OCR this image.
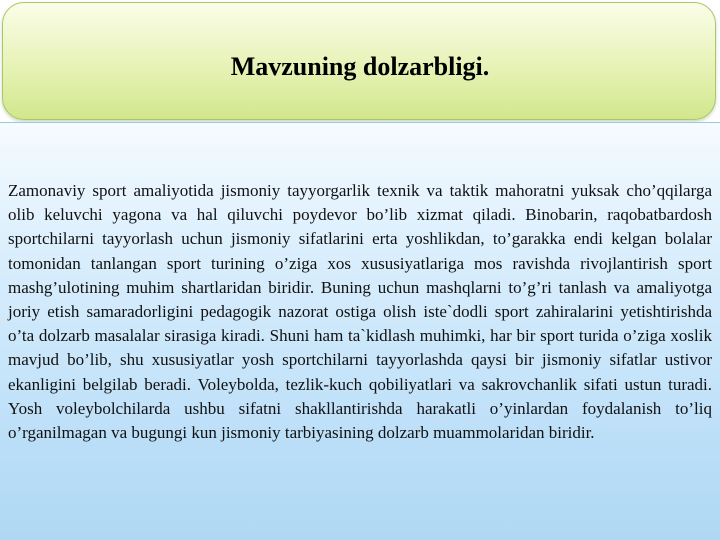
Mavzuning dolzarbligi.

Zamonaviy sport amaliyotida jismoniy tayyorgarlik texnik va taktik mahoratni yuksak cho’qqilarga olib keluvchi yagona va hal qiluvchi poydevor bo’lib xizmat qiladi. Binobarin, raqobatbardosh sportchilarni tayyorlash uchun jismoniy sifatlarini erta yoshlikdan, to’garakka endi kelgan bolalar tomonidan tanlangan sport turining o’ziga xos xususiyatlariga mos ravishda rivojlantirish sport mashg’ulotining muhim shartlaridan biridir. Buning uchun mashqlarni to’g’ri tanlash va amaliyotga joriy etish samaradorligini pedagogik nazorat ostiga olish iste`dodli sport zahiralarini yetishtirishda o’ta dolzarb masalalar sirasiga kiradi. Shuni ham ta`kidlash muhimki, har bir sport turida o’ziga xoslik mavjud bo’lib, shu xususiyatlar yosh sportchilarni tayyorlashda qaysi bir jismoniy sifatlar ustivor ekanligini belgilab beradi. Voleybolda, tezlik-kuch qobiliyatlari va sakrovchanlik sifati ustun turadi. Yosh voleybolchilarda ushbu sifatni shakllantirishda harakatli o’yinlardan foydalanish to’liq o’rganilmagan va bugungi kun jismoniy tarbiyasining dolzarb muammolaridan biridir.
